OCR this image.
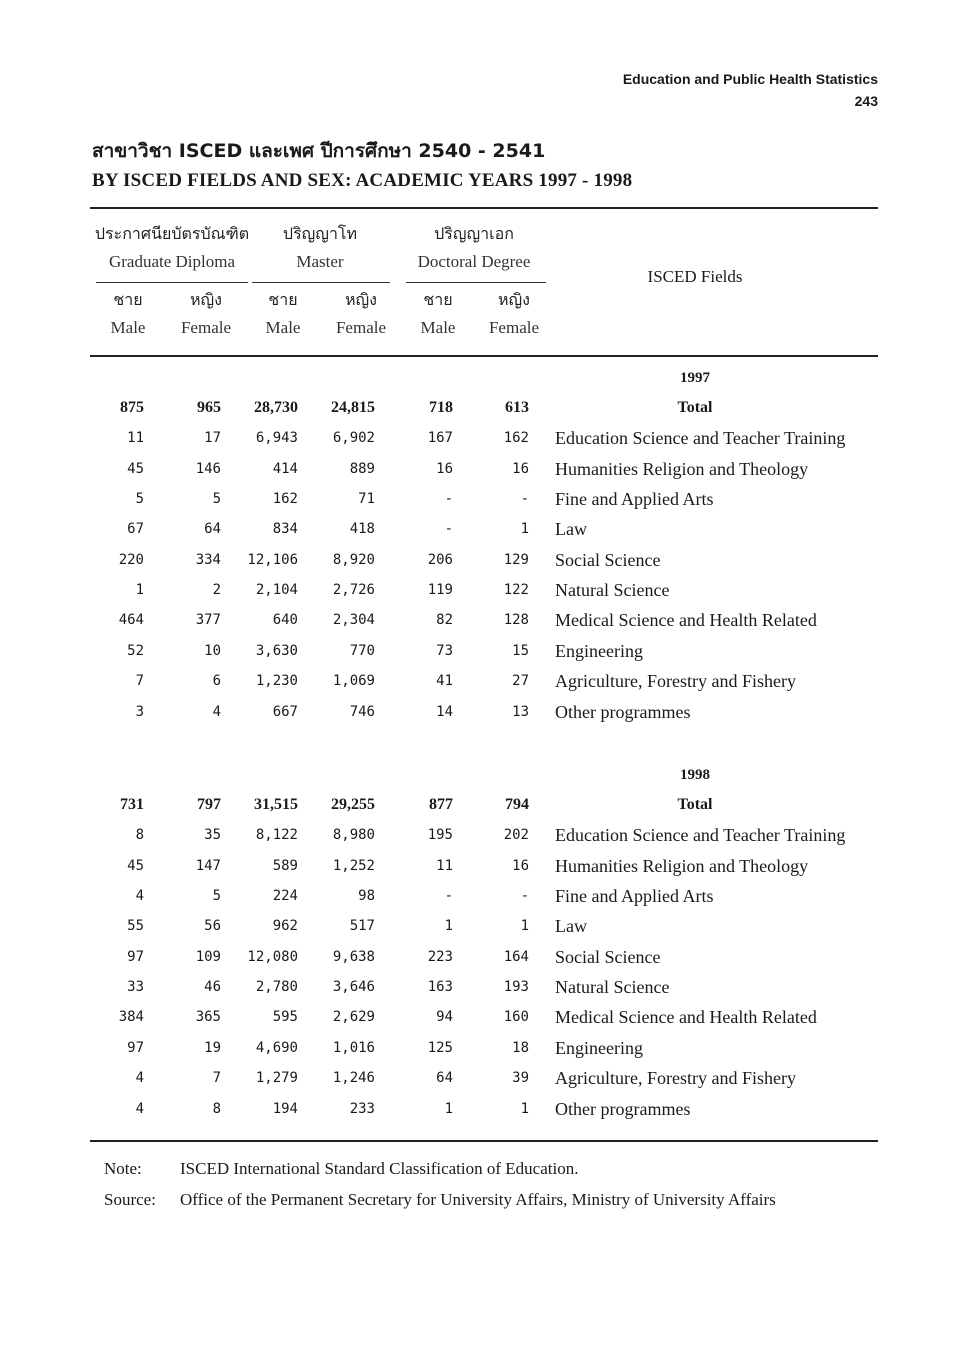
Education and Public Health Statistics
243
สาขาวิชา ISCED และเพศ ปีการศึกษา 2540 - 2541
BY ISCED FIELDS AND SEX: ACADEMIC YEARS 1997 - 1998
ประกาศนียบัตรบัณฑิต
Graduate Diploma
ปริญญาโท
Master
ปริญญาเอก
Doctoral Degree
ชาย
Male
หญิง
Female
ชาย
Male
หญิง
Female
ชาย
Male
หญิง
Female
ISCED Fields
1997
875	965	28,730	24,815	718	613	Total
11	17	6,943	6,902	167	162 Education Science and Teacher Training
45	146	414	889	16	16 Humanities Religion and Theology
5	5	162	71	-	- Fine and Applied Arts
67	64	834	418	-	1 Law
220	334	12,106	8,920	206	129 Social Science
1	2	2,104	2,726	119	122 Natural Science
464	377	640	2,304	82	128 Medical Science and Health Related
52	10	3,630	770	73	15 Engineering
7	6	1,230	1,069	41	27 Agriculture, Forestry and Fishery
3	4	667	746	14	13 Other programmes
1998
731	797	31,515	29,255	877	794	Total
8	35	8,122	8,980	195	202 Education Science and Teacher Training
45	147	589	1,252	11	16 Humanities Religion and Theology
4	5	224	98	-	- Fine and Applied Arts
55	56	962	517	1	1 Law
97	109	12,080	9,638	223	164 Social Science
33	46	2,780	3,646	163	193 Natural Science
384	365	595	2,629	94	160 Medical Science and Health Related
97	19	4,690	1,016	125	18 Engineering
4	7	1,279	1,246	64	39 Agriculture, Forestry and Fishery
4	8	194	233	1	1 Other programmes
Note: ISCED International Standard Classification of Education.
Source: Office of the Permanent Secretary for University Affairs, Ministry of University Affairs
